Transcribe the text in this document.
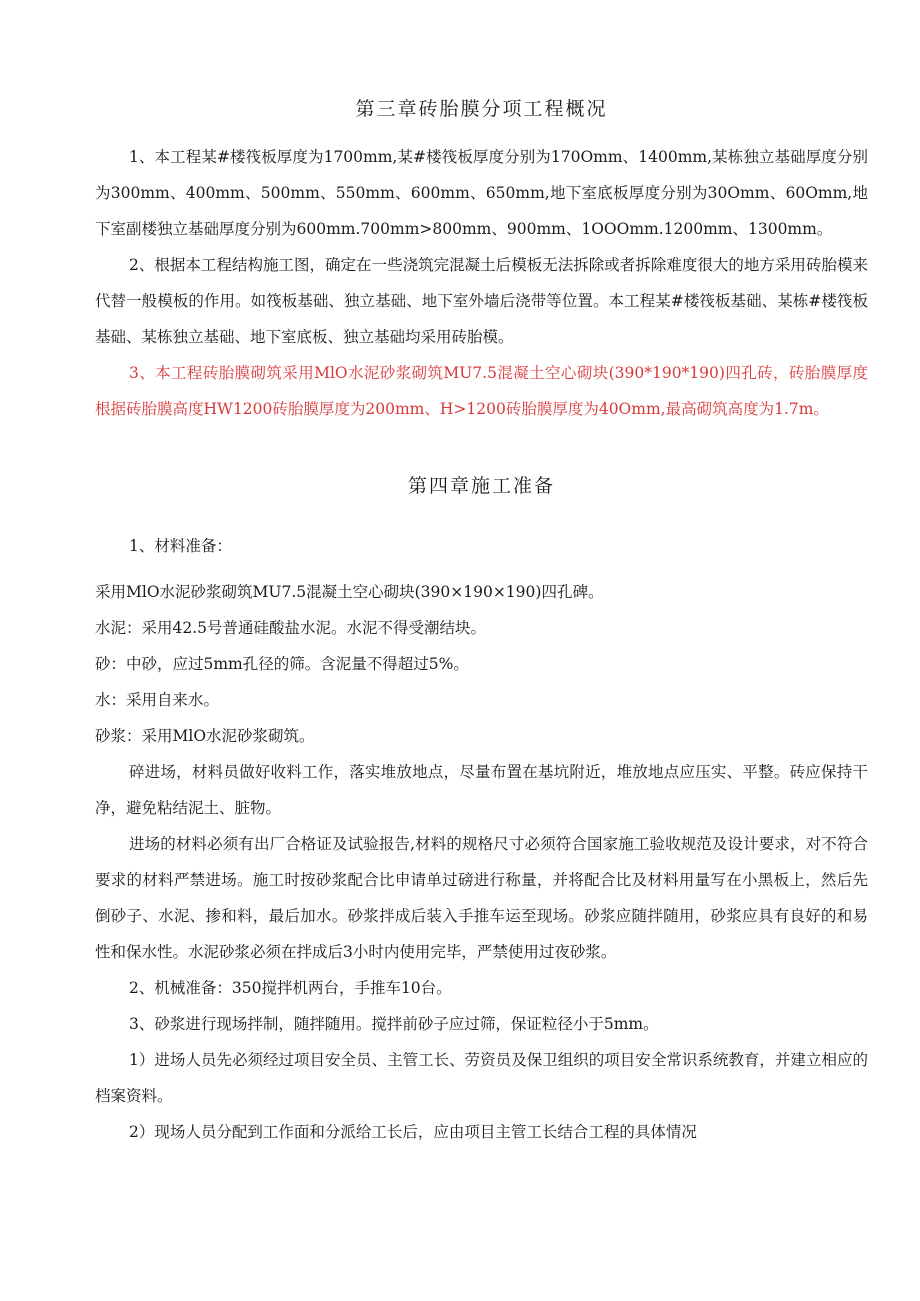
第三章砖胎膜分项工程概况

1、本工程某#楼筏板厚度为1700mm,某#楼筏板厚度分别为170Omm、1400mm,某栋独立基础厚度分别为300mm、400mm、500mm、550mm、600mm、650mm,地下室底板厚度分别为30Omm、60Omm,地下室副楼独立基础厚度分别为600mm.700mm>800mm、900mm、1OOOmm.1200mm、1300mm。

2、根据本工程结构施工图，确定在一些浇筑完混凝土后模板无法拆除或者拆除难度很大的地方采用砖胎模来代替一般模板的作用。如筏板基础、独立基础、地下室外墙后浇带等位置。本工程某#楼筏板基础、某栋#楼筏板基础、某栋独立基础、地下室底板、独立基础均采用砖胎模。

3、本工程砖胎膜砌筑采用MlO水泥砂浆砌筑MU7.5混凝土空心砌块(390*190*190)四孔砖，砖胎膜厚度根据砖胎膜高度HW1200砖胎膜厚度为200mm、H>1200砖胎膜厚度为40Omm,最高砌筑高度为1.7m。

第四章施工准备

1、材料准备：

采用MlO水泥砂浆砌筑MU7.5混凝土空心砌块(390×190×190)四孔碑。

水泥：采用42.5号普通硅酸盐水泥。水泥不得受潮结块。

砂：中砂，应过5mm孔径的筛。含泥量不得超过5%。

水：采用自来水。

砂浆：采用MlO水泥砂浆砌筑。

碎进场，材料员做好收料工作，落实堆放地点，尽量布置在基坑附近，堆放地点应压实、平整。砖应保持干净，避免粘结泥土、脏物。

进场的材料必须有出厂合格证及试验报告,材料的规格尺寸必须符合国家施工验收规范及设计要求，对不符合要求的材料严禁进场。施工时按砂浆配合比申请单过磅进行称量，并将配合比及材料用量写在小黑板上，然后先倒砂子、水泥、掺和料，最后加水。砂浆拌成后装入手推车运至现场。砂浆应随拌随用，砂浆应具有良好的和易性和保水性。水泥砂浆必须在拌成后3小时内使用完毕，严禁使用过夜砂浆。

2、机械准备：350搅拌机两台，手推车10台。

3、砂浆进行现场拌制，随拌随用。搅拌前砂子应过筛，保证粒径小于5mm。

1）进场人员先必须经过项目安全员、主管工长、劳资员及保卫组织的项目安全常识系统教育，并建立相应的档案资料。

2）现场人员分配到工作面和分派给工长后，应由项目主管工长结合工程的具体情况
